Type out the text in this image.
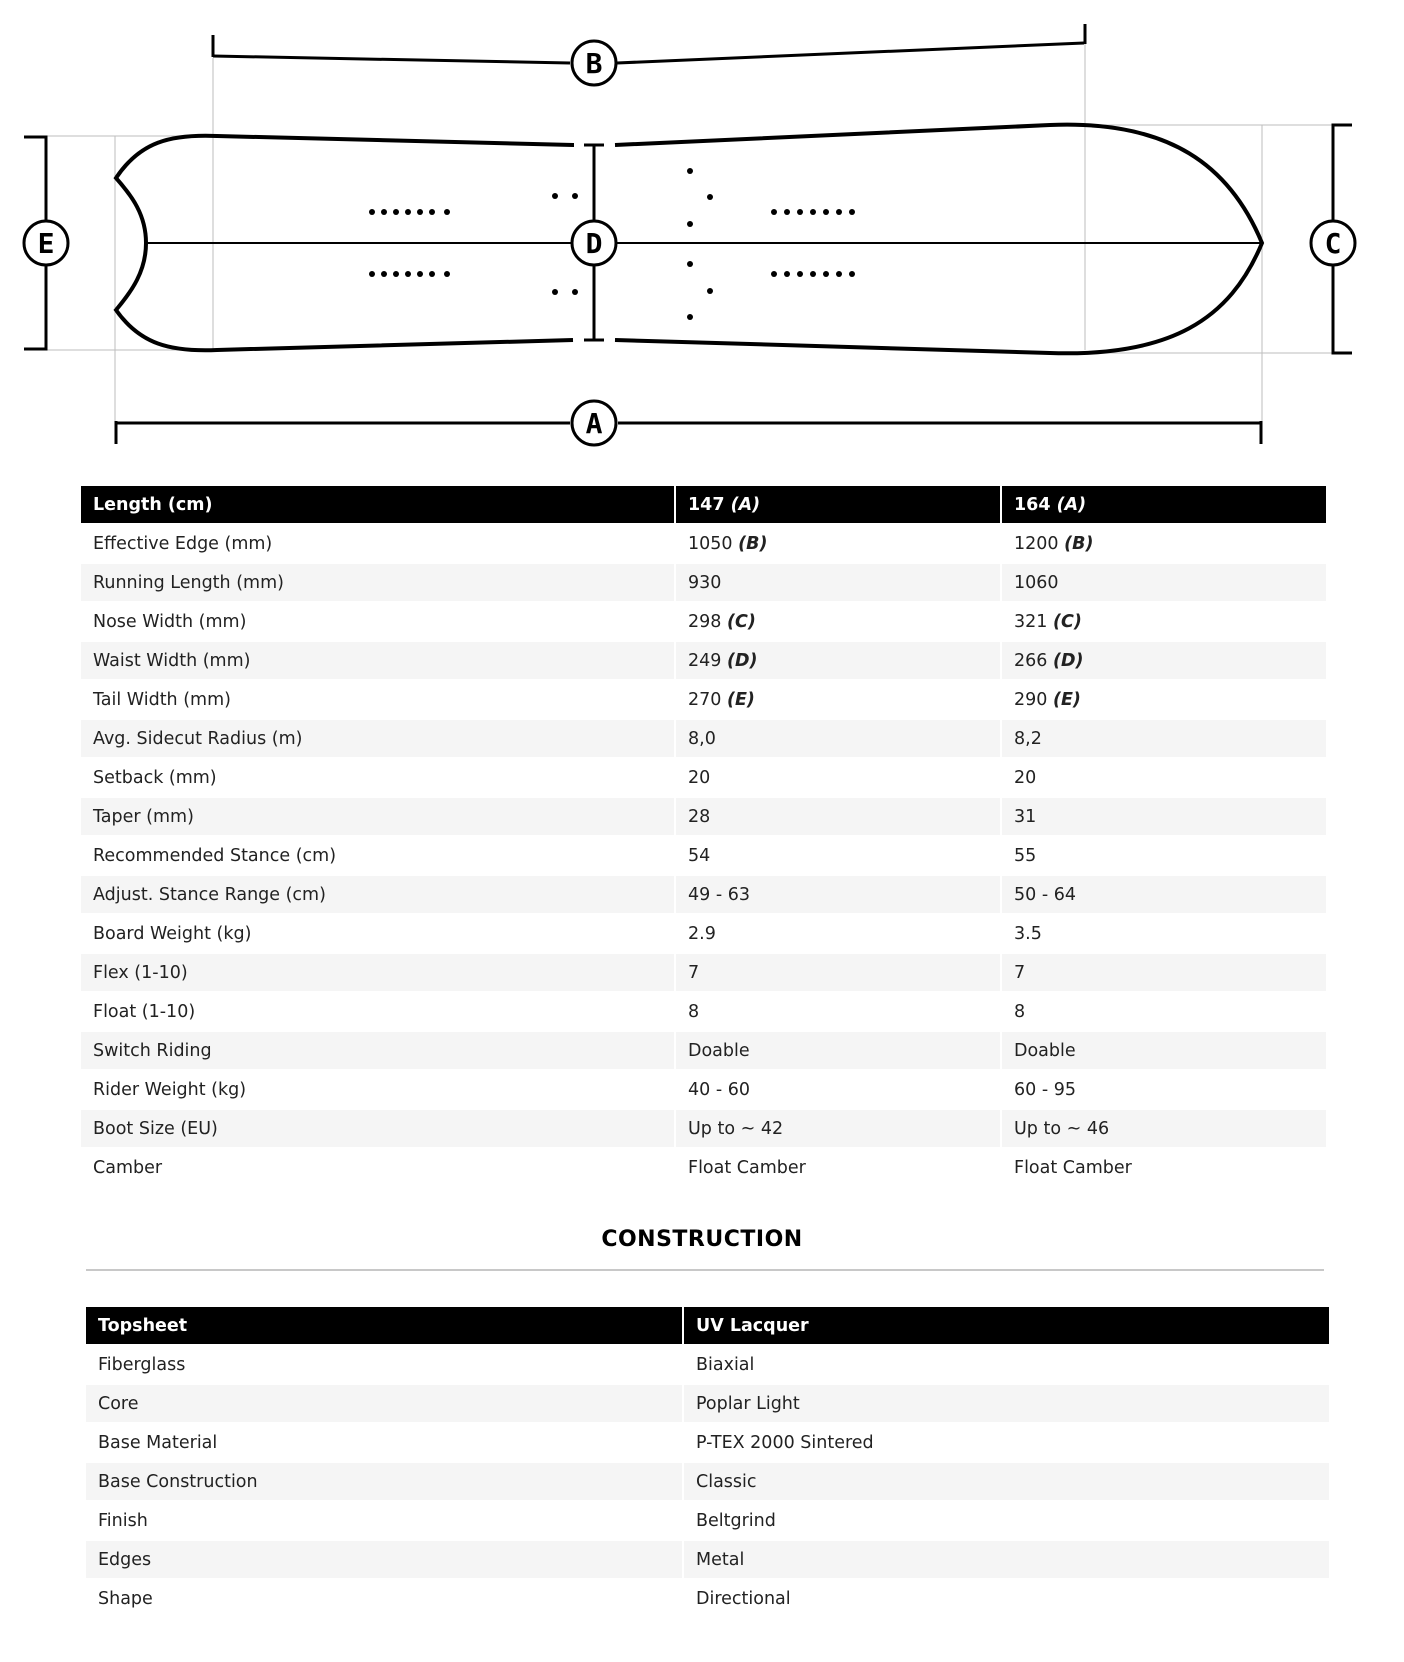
B
D
A
E	C
Length (cm)	147 (A)	164 (A)
Effective Edge (mm)	1050 (B)	1200 (B)
Running Length (mm)	930	1060
Nose Width (mm)	298 (C)	321 (C)
Waist Width (mm)	249 (D)	266 (D)
Tail Width (mm)	270 (E)	290 (E)
Avg. Sidecut Radius (m)	8,0	8,2
Setback (mm)	20	20
Taper (mm)	28	31
Recommended Stance (cm)	54	55
Adjust. Stance Range (cm)	49 - 63	50 - 64
Board Weight (kg)	2.9	3.5
Flex (1-10)	7	7
Float (1-10)	8	8
Switch Riding	Doable	Doable
Rider Weight (kg)	40 - 60	60 - 95
Boot Size (EU)	Up to ~ 42	Up to ~ 46
Camber	Float Camber	Float Camber
CONSTRUCTION
Topsheet	UV Lacquer
Fiberglass	Biaxial
Core	Poplar Light
Base Material	P-TEX 2000 Sintered
Base Construction	Classic
Finish	Beltgrind
Edges	Metal
Shape	Directional
